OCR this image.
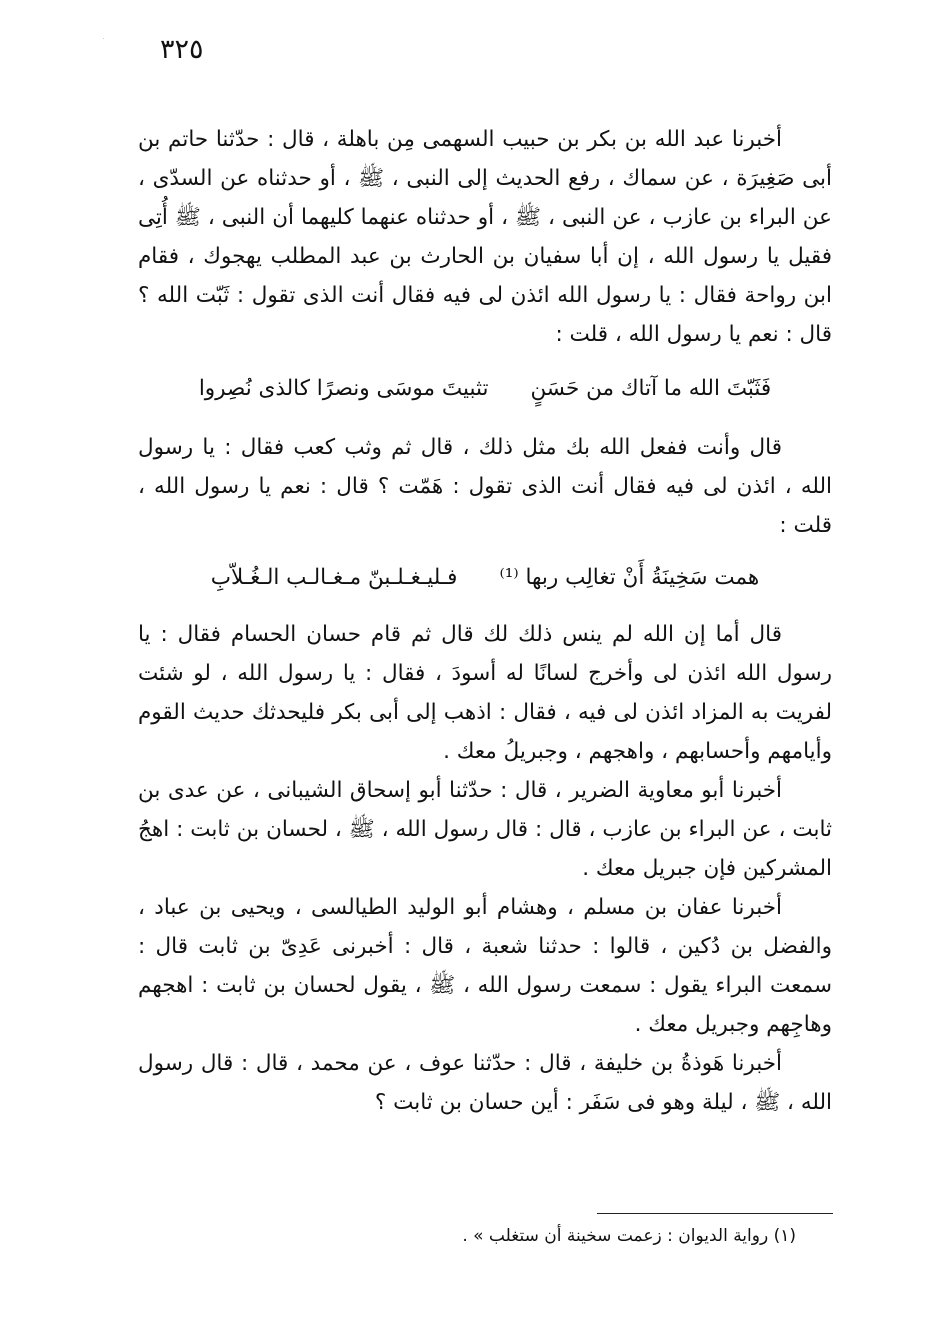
٣٢٥

أخبرنا عبد الله بن بكر بن حبيب السهمى مِن باهلة ، قال : حدّثنا حاتم بن أبى صَغِيرَة ، عن سماك ، رفع الحديث إلى النبى ، ﷺ ، أو حدثناه عن السدّى ، عن البراء بن عازب ، عن النبى ، ﷺ ، أو حدثناه عنهما كليهما أن النبى ، ﷺ أُتِى فقيل يا رسول الله ، إن أبا سفيان بن الحارث بن عبد المطلب يهجوك ، فقام ابن رواحة فقال : يا رسول الله ائذن لى فيه فقال أنت الذى تقول : ثَبّت الله ؟ قال : نعم يا رسول الله ، قلت :

فَثَبّتَ الله ما آتاك من حَسَنٍ
تثبيتَ موسَى ونصرًا كالذى نُصِروا

قال وأنت ففعل الله بك مثل ذلك ، قال ثم وثب كعب فقال : يا رسول الله ، ائذن لى فيه فقال أنت الذى تقول : هَمّت ؟ قال : نعم يا رسول الله ، قلت :

همت سَخِينَةُ أَنْ تغالِب ربها ⁽¹⁾
فـليـغـلـبنّ مـغـالـب الـغُـلاّبِ

قال أما إن الله لم ينس ذلك لك قال ثم قام حسان الحسام فقال : يا رسول الله ائذن لى وأخرج لسانًا له أسودَ ، فقال : يا رسول الله ، لو شئت لفريت به المزاد ائذن لى فيه ، فقال : اذهب إلى أبى بكر فليحدثك حديث القوم وأيامهم وأحسابهم ، واهجهم ، وجبريلُ معك .

أخبرنا أبو معاوية الضرير ، قال : حدّثنا أبو إسحاق الشيبانى ، عن عدى بن ثابت ، عن البراء بن عازب ، قال : قال رسول الله ، ﷺ ، لحسان بن ثابت : اهجُ المشركين فإن جبريل معك .

أخبرنا عفان بن مسلم ، وهشام أبو الوليد الطيالسى ، ويحيى بن عباد ، والفضل بن دُكين ، قالوا : حدثنا شعبة ، قال : أخبرنى عَدِىّ بن ثابت قال : سمعت البراء يقول : سمعت رسول الله ، ﷺ ، يقول لحسان بن ثابت : اهجهم وهاجِهم وجبريل معك .

أخبرنا هَوذةُ بن خليفة ، قال : حدّثنا عوف ، عن محمد ، قال : قال رسول الله ، ﷺ ، ليلة وهو فى سَفَر : أين حسان بن ثابت ؟

(١) رواية الديوان : زعمت سخينة أن ستغلب » .
